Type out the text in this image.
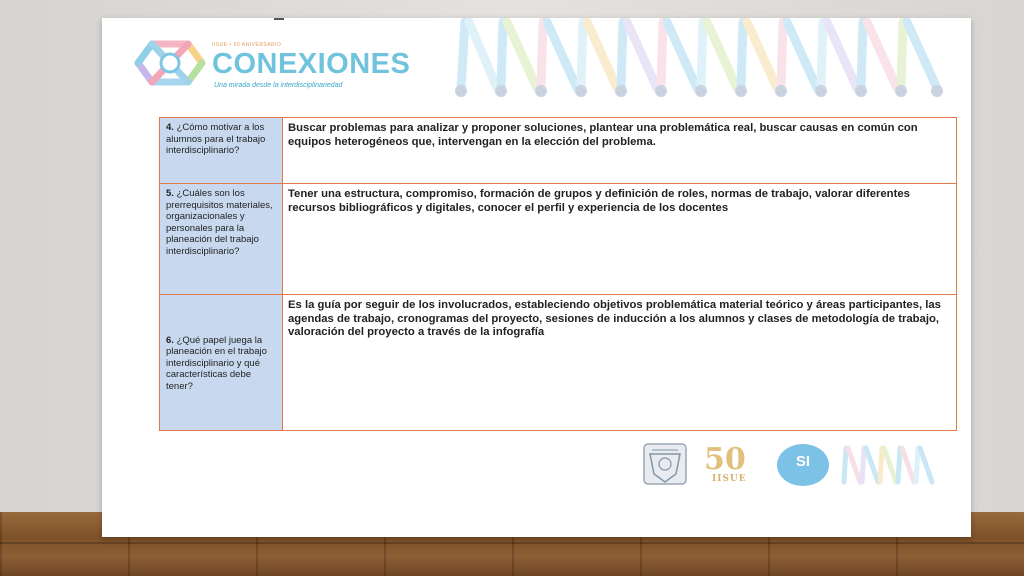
IISUE • 50 ANIVERSARIO
CONEXIONES
Una mirada desde la interdisciplinariedad
4. ¿Cómo motivar a los alumnos para el trabajo interdisciplinario?	Buscar problemas para analizar y proponer soluciones, plantear una problemática real, buscar causas en común con equipos heterogéneos que, intervengan en la elección del problema.
5. ¿Cuáles son los prerrequisitos materiales, organizacionales y personales para la planeación del trabajo interdisciplinario?	Tener una estructura, compromiso, formación de grupos y definición de roles, normas de trabajo, valorar diferentes recursos bibliográficos y digitales, conocer el perfil y experiencia de los docentes
6. ¿Qué papel juega la planeación en el trabajo interdisciplinario y qué características debe tener?	Es la guía por seguir de los involucrados, estableciendo objetivos problemática material teórico y áreas participantes, las agendas de trabajo, cronogramas del proyecto, sesiones de inducción a los alumnos y clases de metodología de trabajo, valoración del proyecto a través de la infografía
50
IISUE
SI
